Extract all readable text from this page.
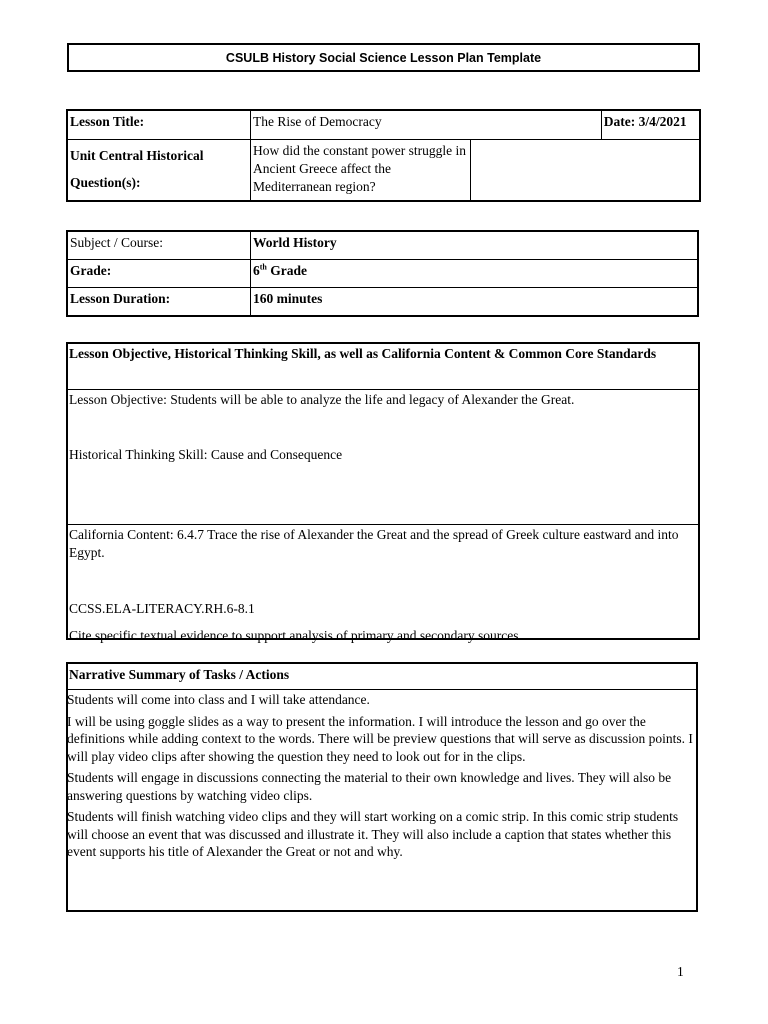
CSULB History Social Science Lesson Plan Template
Lesson Title:	The Rise of Democracy		Date: 3/4/2021
Unit Central Historical
Question(s):	How did the constant power struggle in Ancient Greece affect the Mediterranean region?		
Subject / Course:	World History
Grade:	6th Grade
Lesson Duration:	160 minutes
Lesson Objective, Historical Thinking Skill, as well as California Content & Common Core Standards
Lesson Objective: Students will be able to analyze the life and legacy of Alexander the Great.
Historical Thinking Skill: Cause and Consequence
California Content: 6.4.7 Trace the rise of Alexander the Great and the spread of Greek culture eastward and into Egypt.
CCSS.ELA-LITERACY.RH.6-8.1
Cite specific textual evidence to support analysis of primary and secondary sources.
Narrative Summary of Tasks / Actions
Students will come into class and I will take attendance.
I will be using goggle slides as a way to present the information. I will introduce the lesson and go over the definitions while adding context to the words. There will be preview questions that will serve as discussion points. I will play video clips after showing the question they need to look out for in the clips.
Students will engage in discussions connecting the material to their own knowledge and lives. They will also be answering questions by watching video clips.
Students will finish watching video clips and they will start working on a comic strip. In this comic strip students will choose an event that was discussed and illustrate it. They will also include a caption that states whether this event supports his title of Alexander the Great or not and why.
1
